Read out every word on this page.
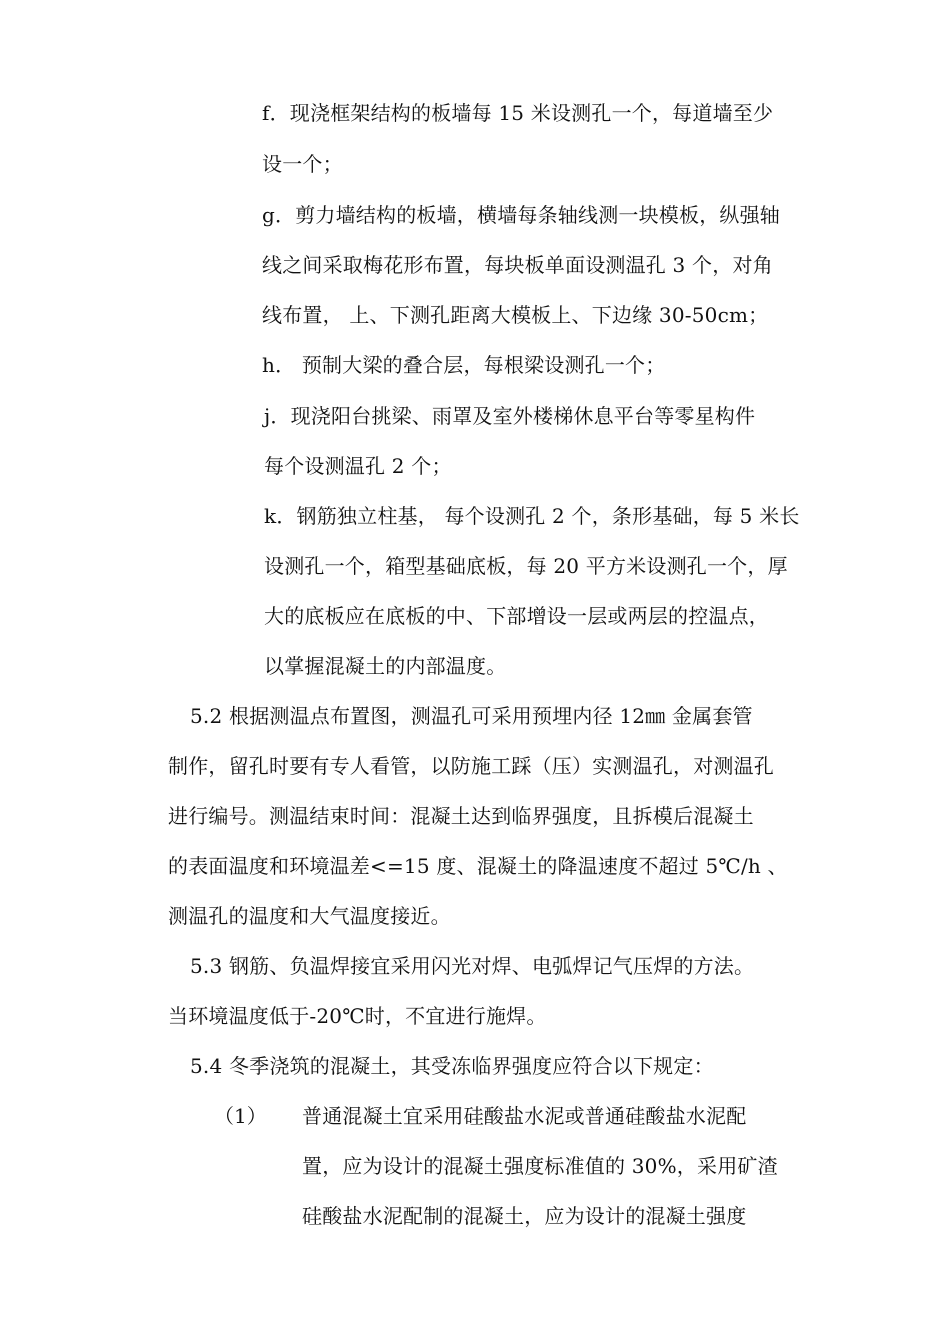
f．现浇框架结构的板墙每 15 米设测孔一个，每道墙至少
设一个；
g．剪力墙结构的板墙，横墙每条轴线测一块模板，纵强轴
线之间采取梅花形布置，每块板单面设测温孔 3 个，对角
线布置， 上、下测孔距离大模板上、下边缘 30-50cm；
h． 预制大梁的叠合层，每根梁设测孔一个；
j．现浇阳台挑梁、雨罩及室外楼梯休息平台等零星构件
每个设测温孔 2 个；
k．钢筋独立柱基， 每个设测孔 2 个，条形基础，每 5 米长
设测孔一个，箱型基础底板，每 20 平方米设测孔一个，厚
大的底板应在底板的中、下部增设一层或两层的控温点，
以掌握混凝土的内部温度。
5.2 根据测温点布置图，测温孔可采用预埋内径 12㎜ 金属套管
制作，留孔时要有专人看管，以防施工踩（压）实测温孔，对测温孔
进行编号。测温结束时间：混凝土达到临界强度，且拆模后混凝土
的表面温度和环境温差<=15 度、混凝土的降温速度不超过 5℃/h 、
测温孔的温度和大气温度接近。
5.3 钢筋、负温焊接宜采用闪光对焊、电弧焊记气压焊的方法。
当环境温度低于-20℃时，不宜进行施焊。
5.4 冬季浇筑的混凝土，其受冻临界强度应符合以下规定：
（1） 普通混凝土宜采用硅酸盐水泥或普通硅酸盐水泥配
置，应为设计的混凝土强度标准值的 30%，采用矿渣
硅酸盐水泥配制的混凝土，应为设计的混凝土强度
